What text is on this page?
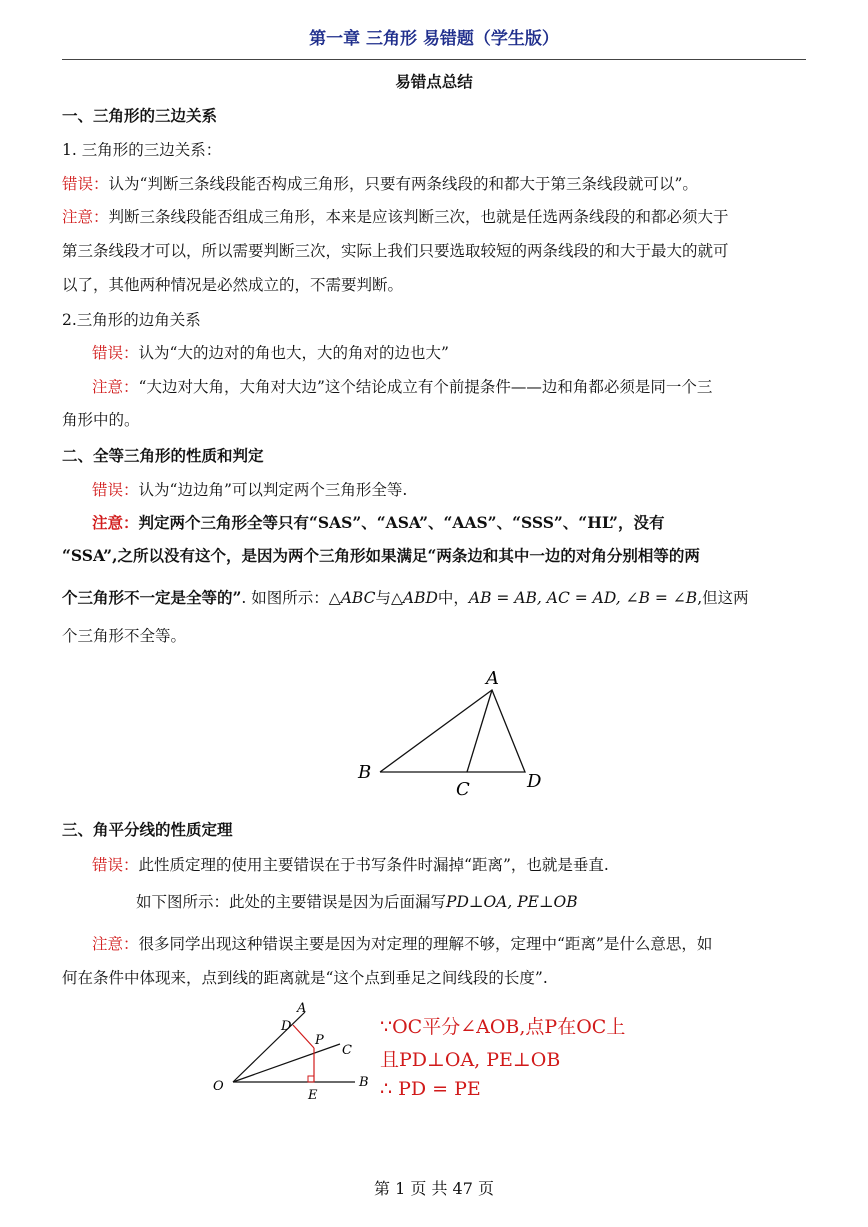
第一章 三角形 易错题（学生版）
易错点总结
一、三角形的三边关系
1. 三角形的三边关系：
错误：认为“判断三条线段能否构成三角形，只要有两条线段的和都大于第三条线段就可以”。
注意：判断三条线段能否组成三角形，本来是应该判断三次，也就是任选两条线段的和都必须大于
第三条线段才可以，所以需要判断三次，实际上我们只要选取较短的两条线段的和大于最大的就可
以了，其他两种情况是必然成立的，不需要判断。
2.三角形的边角关系
错误：认为“大的边对的角也大，大的角对的边也大”
注意：“大边对大角，大角对大边”这个结论成立有个前提条件——边和角都必须是同一个三
角形中的。
二、全等三角形的性质和判定
错误：认为“边边角”可以判定两个三角形全等.
注意：判定两个三角形全等只有“SAS”、“ASA”、“AAS”、“SSS”、“HL”，没有
“SSA”,之所以没有这个，是因为两个三角形如果满足“两条边和其中一边的对角分别相等的两
个三角形不一定是全等的”. 如图所示：△ABC与△ABD中，AB = AB, AC = AD, ∠B = ∠B,但这两
个三角形不全等。
A
B
C	D
三、角平分线的性质定理
错误：此性质定理的使用主要错误在于书写条件时漏掉“距离”，也就是垂直.
如下图所示：此处的主要错误是因为后面漏写PD⊥OA, PE⊥OB
注意：很多同学出现这种错误主要是因为对定理的理解不够，定理中“距离”是什么意思，如
何在条件中体现来，点到线的距离就是“这个点到垂足之间线段的长度”.
A
D
P
C
O
E
B
∵OC平分∠AOB,点P在OC上
且PD⊥OA, PE⊥OB
∴ PD = PE
第 1 页 共 47 页
